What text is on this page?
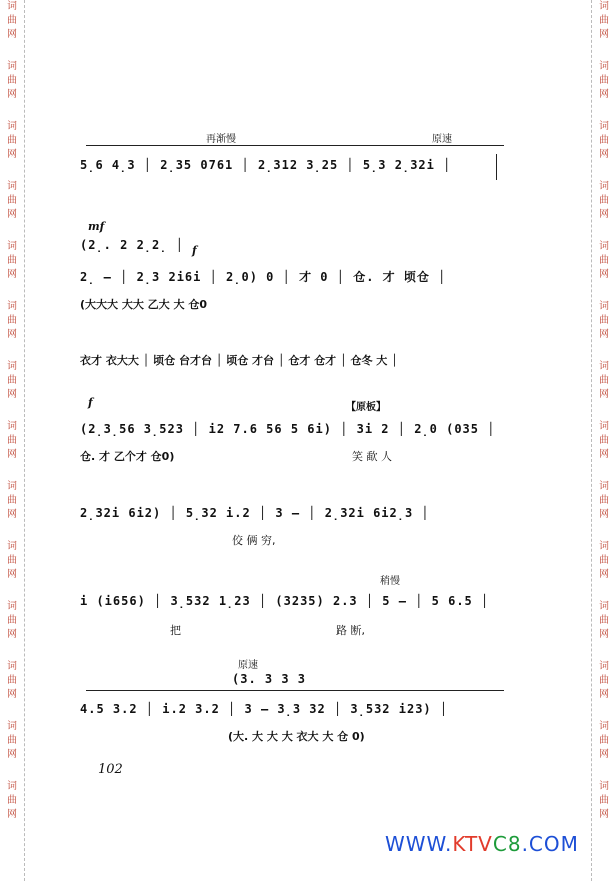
词
曲
网
词
曲
网
词
曲
网
词
曲
网
词
曲
网
词
曲
网
词
曲
网
词
曲
网
词
曲
网
词
曲
网
词
曲
网
词
曲
网
词
曲
网
词
曲
网
词
曲
网
词
曲
网
词
曲
网
词
曲
网
词
曲
网
词
曲
网
词
曲
网
词
曲
网
词
曲
网
词
曲
网
词
曲
网
词
曲
网
词
曲
网
词
曲
网
再渐慢	原速
5̣6 4̣3 │ 2̣35 0761 │ 2̣312 3̣25 │ 5̣3 2̣32i │
mf
(2̣. 2 2̣2̣ │ f
2̣ — │ 2̣3 2i6i │ 2̣0) 0 │ 才 0 │ 仓. 才 顷仓 │
(大大大 大大 乙大 大 仓0
衣才 衣大大 │ 顷仓 台才台 │ 顷仓 才台 │ 仓才 仓才 │ 仓冬 大 │
f	【原板】
(2̣3̣56 3̣523 │ i2 7.6 56 5 6i) │ 3i 2 │ 2̣0 (035 │
仓. 才 乙个才 仓0)	笑 歃 人
2̣32i 6i2) │ 5̣32 i.2 │ 3 — │ 2̣32i 6i2̣3 │
佼 俩 穷,
稍慢
i (i656) │ 3̣532 1̣23 │ (3235) 2.3 │ 5 — │ 5 6.5 │
把	路 断,
原速
(3. 3 3 3
4.5 3.2 │ i.2 3.2 │ 3 — 3̣3 32 │ 3̣532 i23) │
(大. 大 大 大 衣大 大 仓 0)
102
WWW.KTVC8.COM
